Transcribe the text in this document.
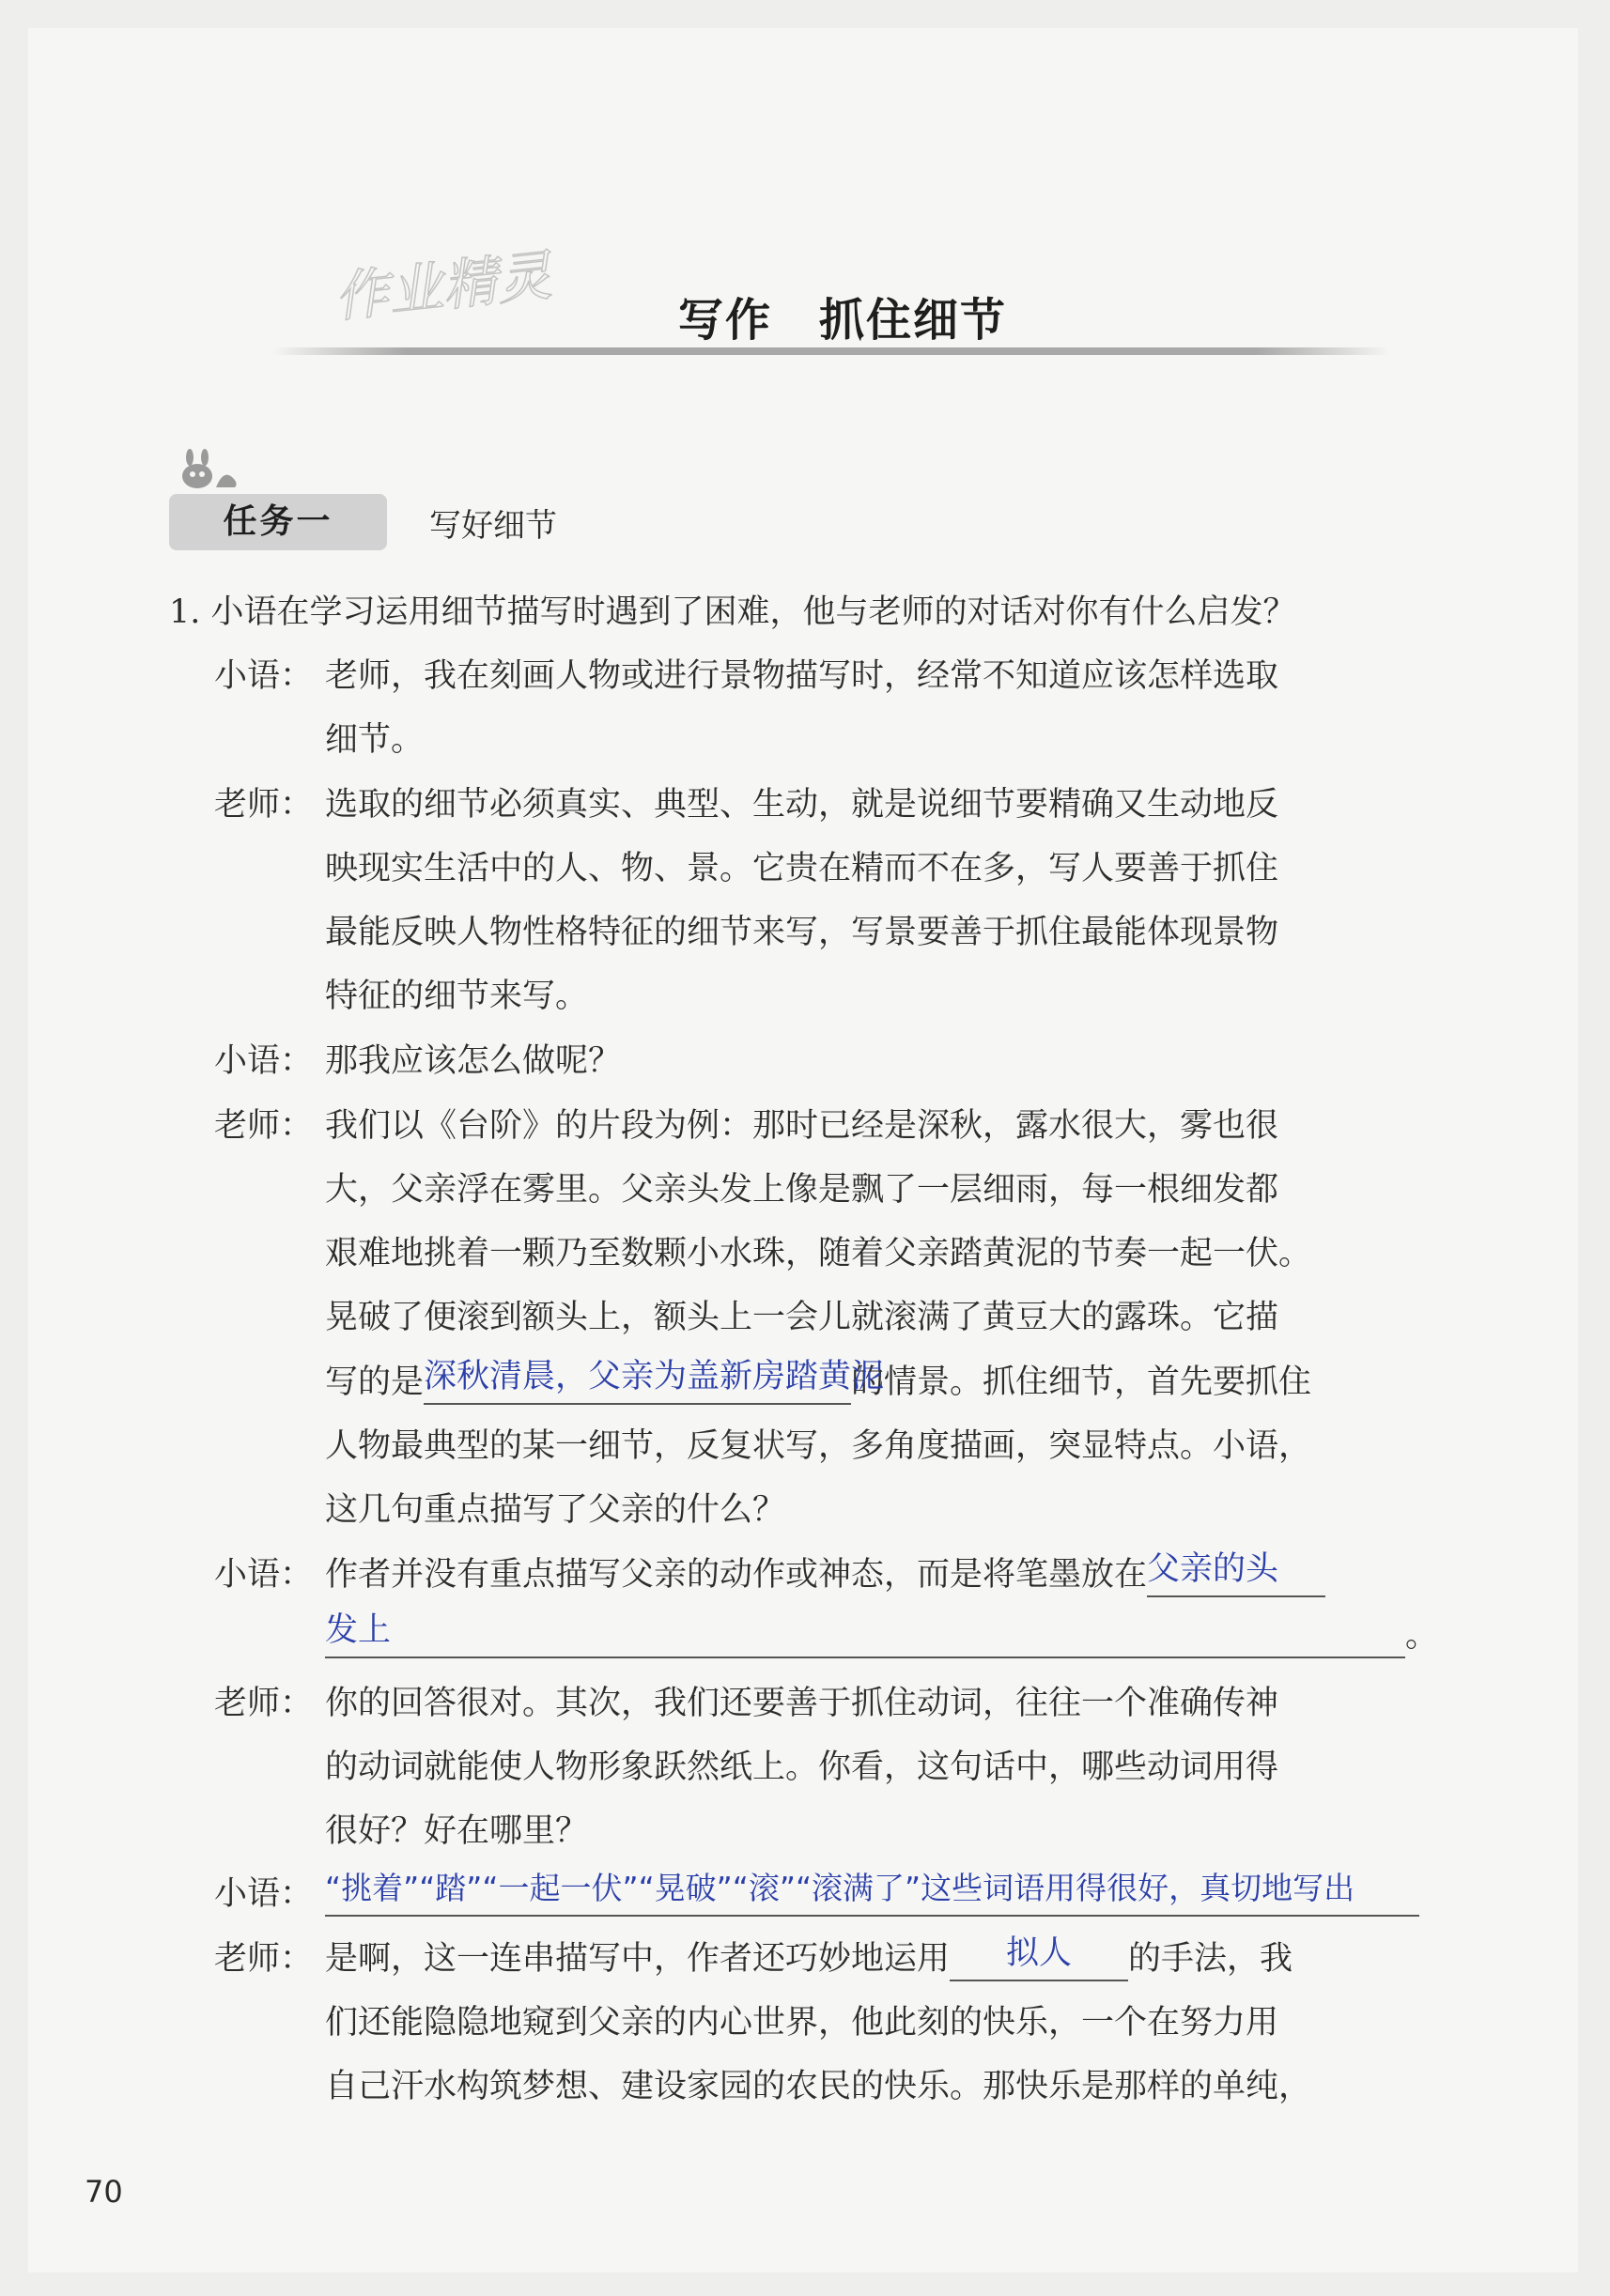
作业精灵	写作　抓住细节
任务一	写好细节
1. 小语在学习运用细节描写时遇到了困难，他与老师的对话对你有什么启发？
小语： 老师，我在刻画人物或进行景物描写时，经常不知道应该怎样选取
细节。
老师： 选取的细节必须真实、典型、生动，就是说细节要精确又生动地反
映现实生活中的人、物、景。它贵在精而不在多，写人要善于抓住
最能反映人物性格特征的细节来写，写景要善于抓住最能体现景物
特征的细节来写。
小语： 那我应该怎么做呢？
老师： 我们以《台阶》的片段为例：那时已经是深秋，露水很大，雾也很
大，父亲浮在雾里。父亲头发上像是飘了一层细雨，每一根细发都
艰难地挑着一颗乃至数颗小水珠，随着父亲踏黄泥的节奏一起一伏。
晃破了便滚到额头上，额头上一会儿就滚满了黄豆大的露珠。它描
写的是深秋清晨，父亲为盖新房踏黄泥的情景。抓住细节，首先要抓住
人物最典型的某一细节，反复状写，多角度描画，突显特点。小语，
这几句重点描写了父亲的什么？
小语： 作者并没有重点描写父亲的动作或神态，而是将笔墨放在父亲的头
发上	。
老师： 你的回答很对。其次，我们还要善于抓住动词，往往一个准确传神
的动词就能使人物形象跃然纸上。你看，这句话中，哪些动词用得
很好？好在哪里？
小语： “挑着”“踏”“一起一伏”“晃破”“滚”“滚满了”这些词语用得很好，真切地写出
老师： 是啊，这一连串描写中，作者还巧妙地运用 拟人 的手法，我
们还能隐隐地窥到父亲的内心世界，他此刻的快乐，一个在努力用
自己汗水构筑梦想、建设家园的农民的快乐。那快乐是那样的单纯，
70
